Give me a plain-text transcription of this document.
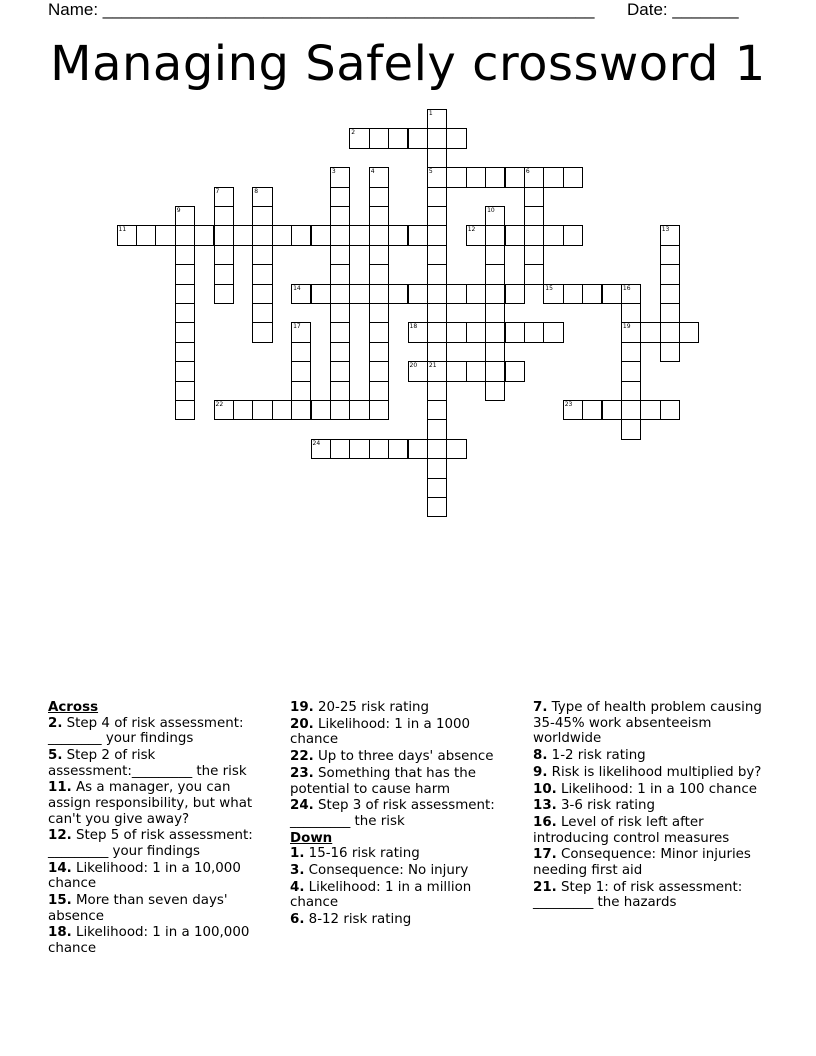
Name: ____________________________________________________ Date: _______
Managing Safely crossword 1
2
1
5
21
6
3	4
7	8
9	10
11	12	13
14	15	16
19
17	18
20
22	23
24
Across
2. Step 4 of risk assessment: ________ your findings
5. Step 2 of risk assessment:_________ the risk
11. As a manager, you can assign responsibility, but what can't you give away?
12. Step 5 of risk assessment: _________ your findings
14. Likelihood: 1 in a 10,000 chance
15. More than seven days' absence
18. Likelihood: 1 in a 100,000 chance
19. 20-25 risk rating
20. Likelihood: 1 in a 1000 chance
22. Up to three days' absence
23. Something that has the potential to cause harm
24. Step 3 of risk assessment: _________ the risk
Down
1. 15-16 risk rating
3. Consequence: No injury
4. Likelihood: 1 in a million chance
6. 8-12 risk rating
7. Type of health problem causing 35-45% work absenteeism worldwide
8. 1-2 risk rating
9. Risk is likelihood multiplied by?
10. Likelihood: 1 in a 100 chance
13. 3-6 risk rating
16. Level of risk left after introducing control measures
17. Consequence: Minor injuries needing first aid
21. Step 1: of risk assessment: _________ the hazards
